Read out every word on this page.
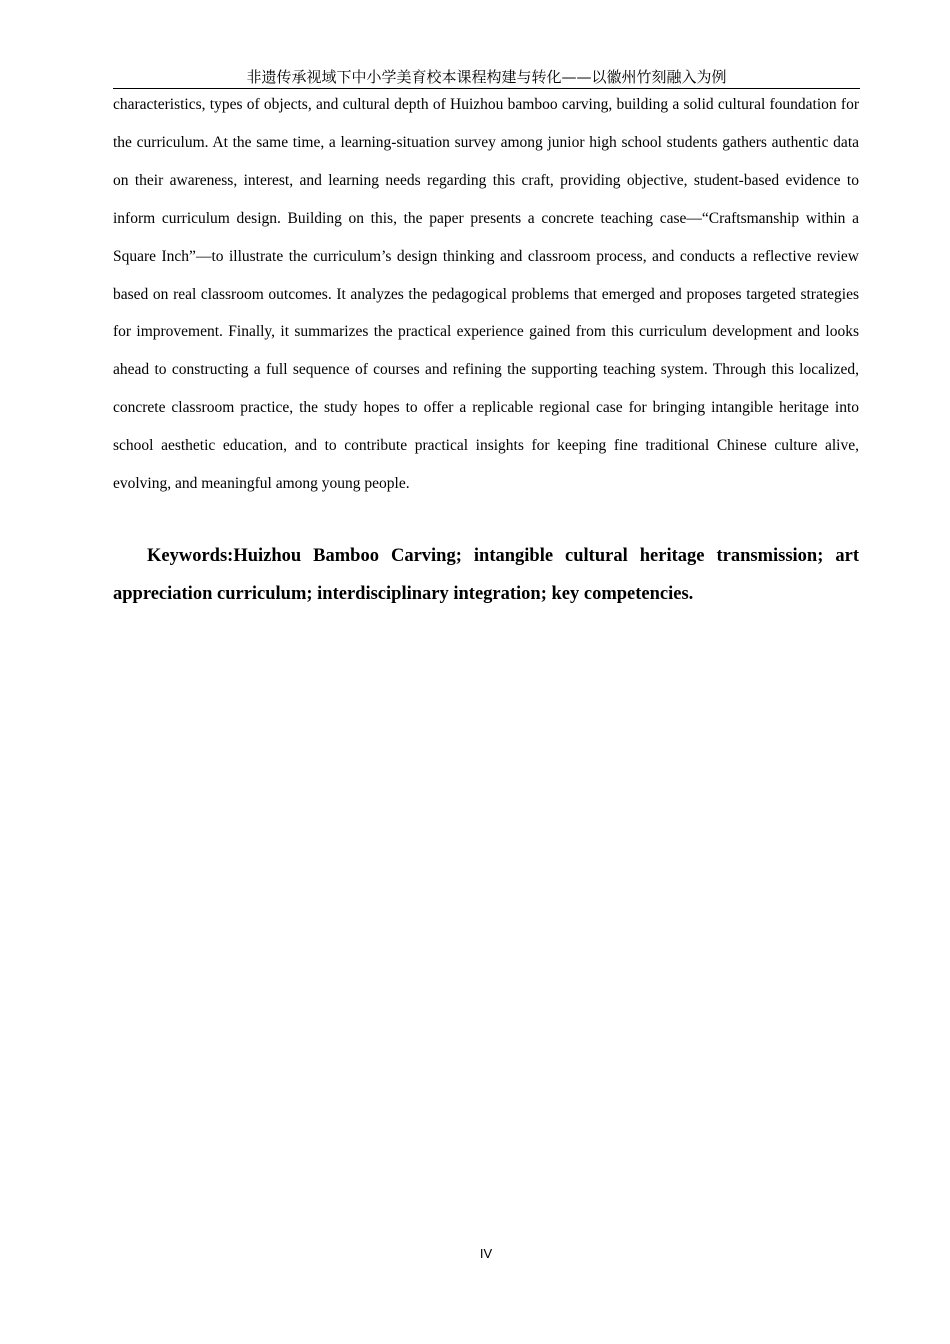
非遗传承视域下中小学美育校本课程构建与转化——以徽州竹刻融入为例

characteristics, types of objects, and cultural depth of Huizhou bamboo carving, building a solid cultural foundation for the curriculum. At the same time, a learning-situation survey among junior high school students gathers authentic data on their awareness, interest, and learning needs regarding this craft, providing objective, student-based evidence to inform curriculum design. Building on this, the paper presents a concrete teaching case—“Craftsmanship within a Square Inch”—to illustrate the curriculum’s design thinking and classroom process, and conducts a reflective review based on real classroom outcomes. It analyzes the pedagogical problems that emerged and proposes targeted strategies for improvement. Finally, it summarizes the practical experience gained from this curriculum development and looks ahead to constructing a full sequence of courses and refining the supporting teaching system. Through this localized, concrete classroom practice, the study hopes to offer a replicable regional case for bringing intangible heritage into school aesthetic education, and to contribute practical insights for keeping fine traditional Chinese culture alive, evolving, and meaningful among young people.

Keywords:Huizhou Bamboo Carving; intangible cultural heritage transmission; art appreciation curriculum; interdisciplinary integration; key competencies.

IV
